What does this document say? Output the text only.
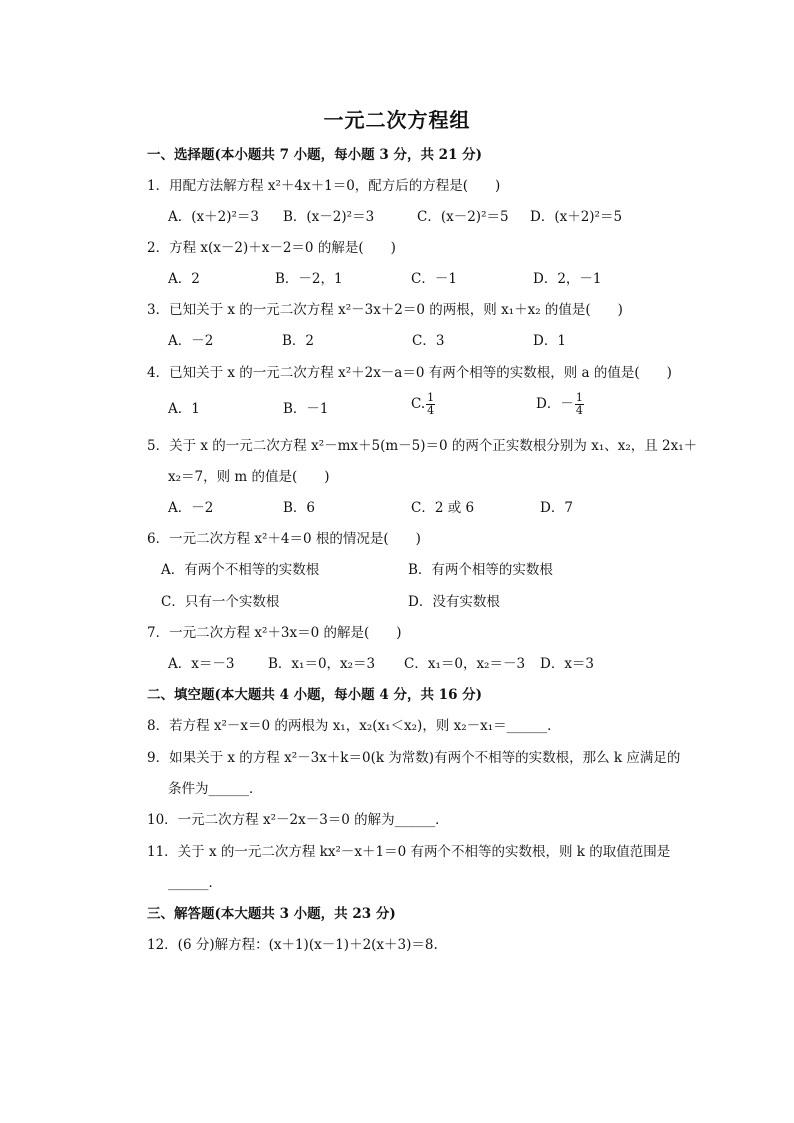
一元二次方程组
一、选择题(本小题共 7 小题，每小题 3 分，共 21 分)
1．用配方法解方程 x²＋4x＋1＝0，配方后的方程是(　　)
A．(x＋2)²＝3 B．(x－2)²＝3	C．(x－2)²＝5 D．(x＋2)²＝5
2．方程 x(x－2)＋x－2＝0 的解是(　　)
A．2	B．－2，1	C．－1	D．2，－1
3．已知关于 x 的一元二次方程 x²－3x＋2＝0 的两根，则 x₁＋x₂ 的值是(　　)
A．－2	B．2	C．3	D．1
4．已知关于 x 的一元二次方程 x²＋2x－a＝0 有两个相等的实数根，则 a 的值是(　　)
A．1	B．－1	C. $\frac{1}{4}$	D．－ $\frac{1}{4}$
5．关于 x 的一元二次方程 x²－mx＋5(m－5)＝0 的两个正实数根分别为 x₁、x₂，且 2x₁＋
x₂＝7，则 m 的值是(　　)
A．－2	B．6	C．2 或 6	D．7
6．一元二次方程 x²＋4＝0 根的情况是(　　)
A．有两个不相等的实数根	B．有两个相等的实数根
C．只有一个实数根	D．没有实数根
7．一元二次方程 x²＋3x＝0 的解是(　　)
A．x＝－3 B．x₁＝0，x₂＝3 C．x₁＝0，x₂＝－3 D．x＝3
二、填空题(本大题共 4 小题，每小题 4 分，共 16 分)
8．若方程 x²－x＝0 的两根为 x₁，x₂(x₁＜x₂)，则 x₂－x₁＝______．
9．如果关于 x 的方程 x²－3x＋k＝0(k 为常数)有两个不相等的实数根，那么 k 应满足的
条件为______．
10．一元二次方程 x²－2x－3＝0 的解为______．
11．关于 x 的一元二次方程 kx²－x＋1＝0 有两个不相等的实数根，则 k 的取值范围是
______．
三、解答题(本大题共 3 小题，共 23 分)
12．(6 分)解方程：(x＋1)(x－1)＋2(x＋3)＝8.
